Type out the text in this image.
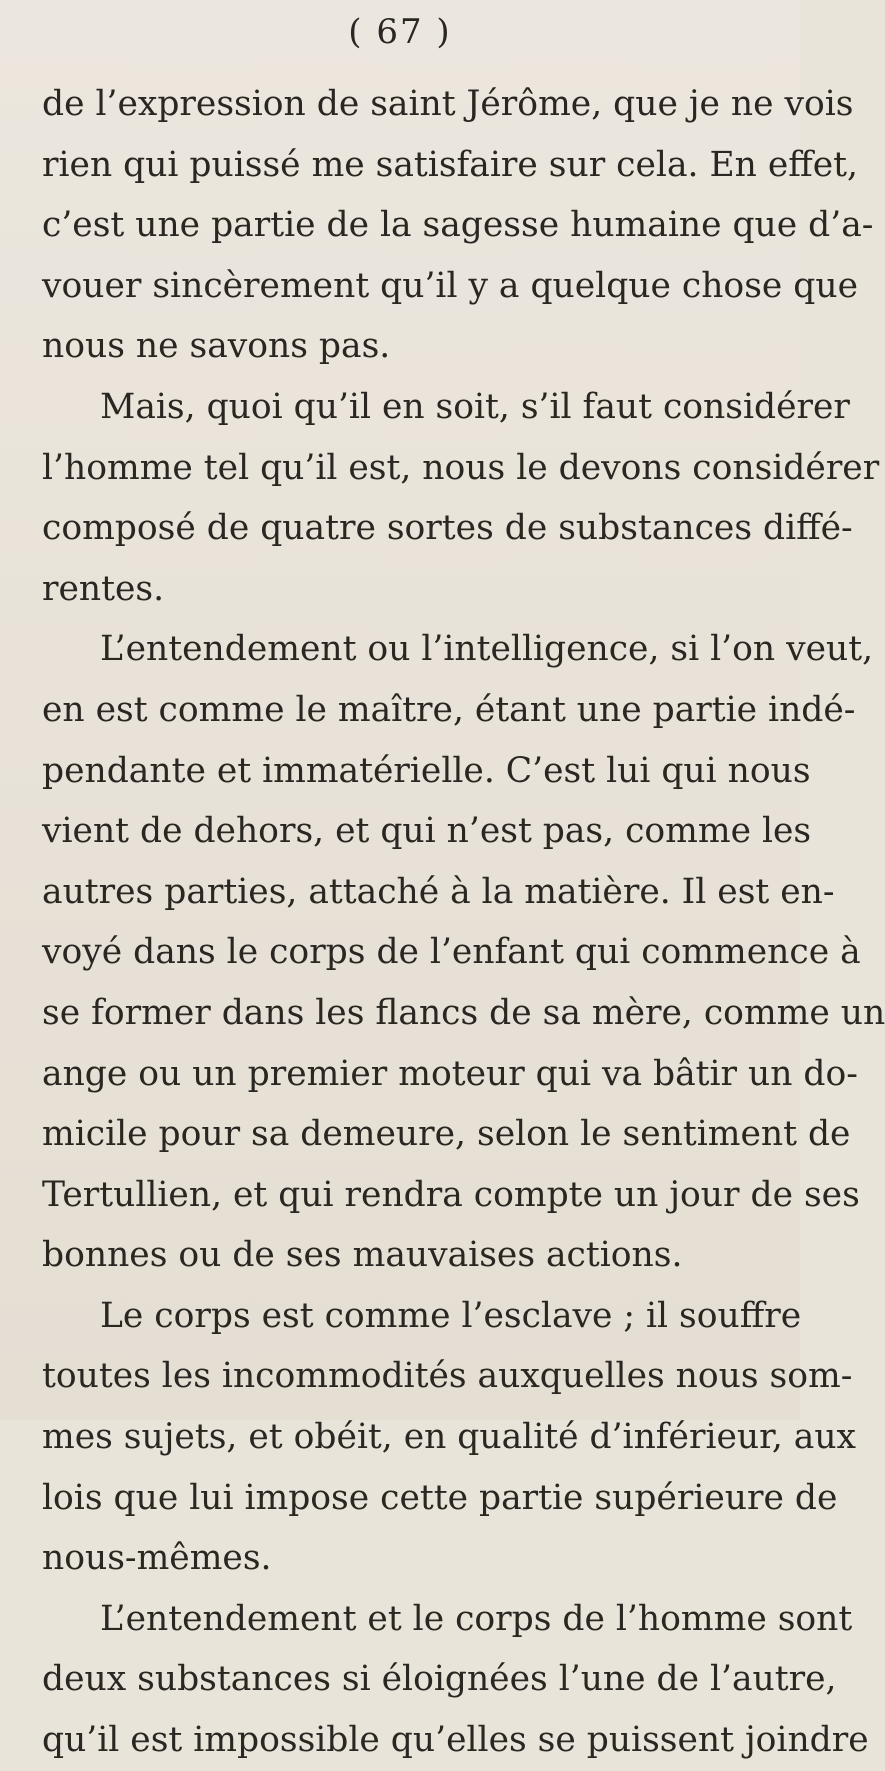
( 67 )
de l’expression de saint Jérôme, que je ne vois
rien qui puissé me satisfaire sur cela. En effet,
c’est une partie de la sagesse humaine que d’a-
vouer sincèrement qu’il y a quelque chose que
nous ne savons pas.
Mais, quoi qu’il en soit, s’il faut considérer
l’homme tel qu’il est, nous le devons considérer
composé de quatre sortes de substances diffé-
rentes.
L’entendement ou l’intelligence, si l’on veut,
en est comme le maître, étant une partie indé-
pendante et immatérielle. C’est lui qui nous
vient de dehors, et qui n’est pas, comme les
autres parties, attaché à la matière. Il est en-
voyé dans le corps de l’enfant qui commence à
se former dans les flancs de sa mère, comme un
ange ou un premier moteur qui va bâtir un do-
micile pour sa demeure, selon le sentiment de
Tertullien, et qui rendra compte un jour de ses
bonnes ou de ses mauvaises actions.
Le corps est comme l’esclave ; il souffre
toutes les incommodités auxquelles nous som-
mes sujets, et obéit, en qualité d’inférieur, aux
lois que lui impose cette partie supérieure de
nous-mêmes.
L’entendement et le corps de l’homme sont
deux substances si éloignées l’une de l’autre,
qu’il est impossible qu’elles se puissent joindre
